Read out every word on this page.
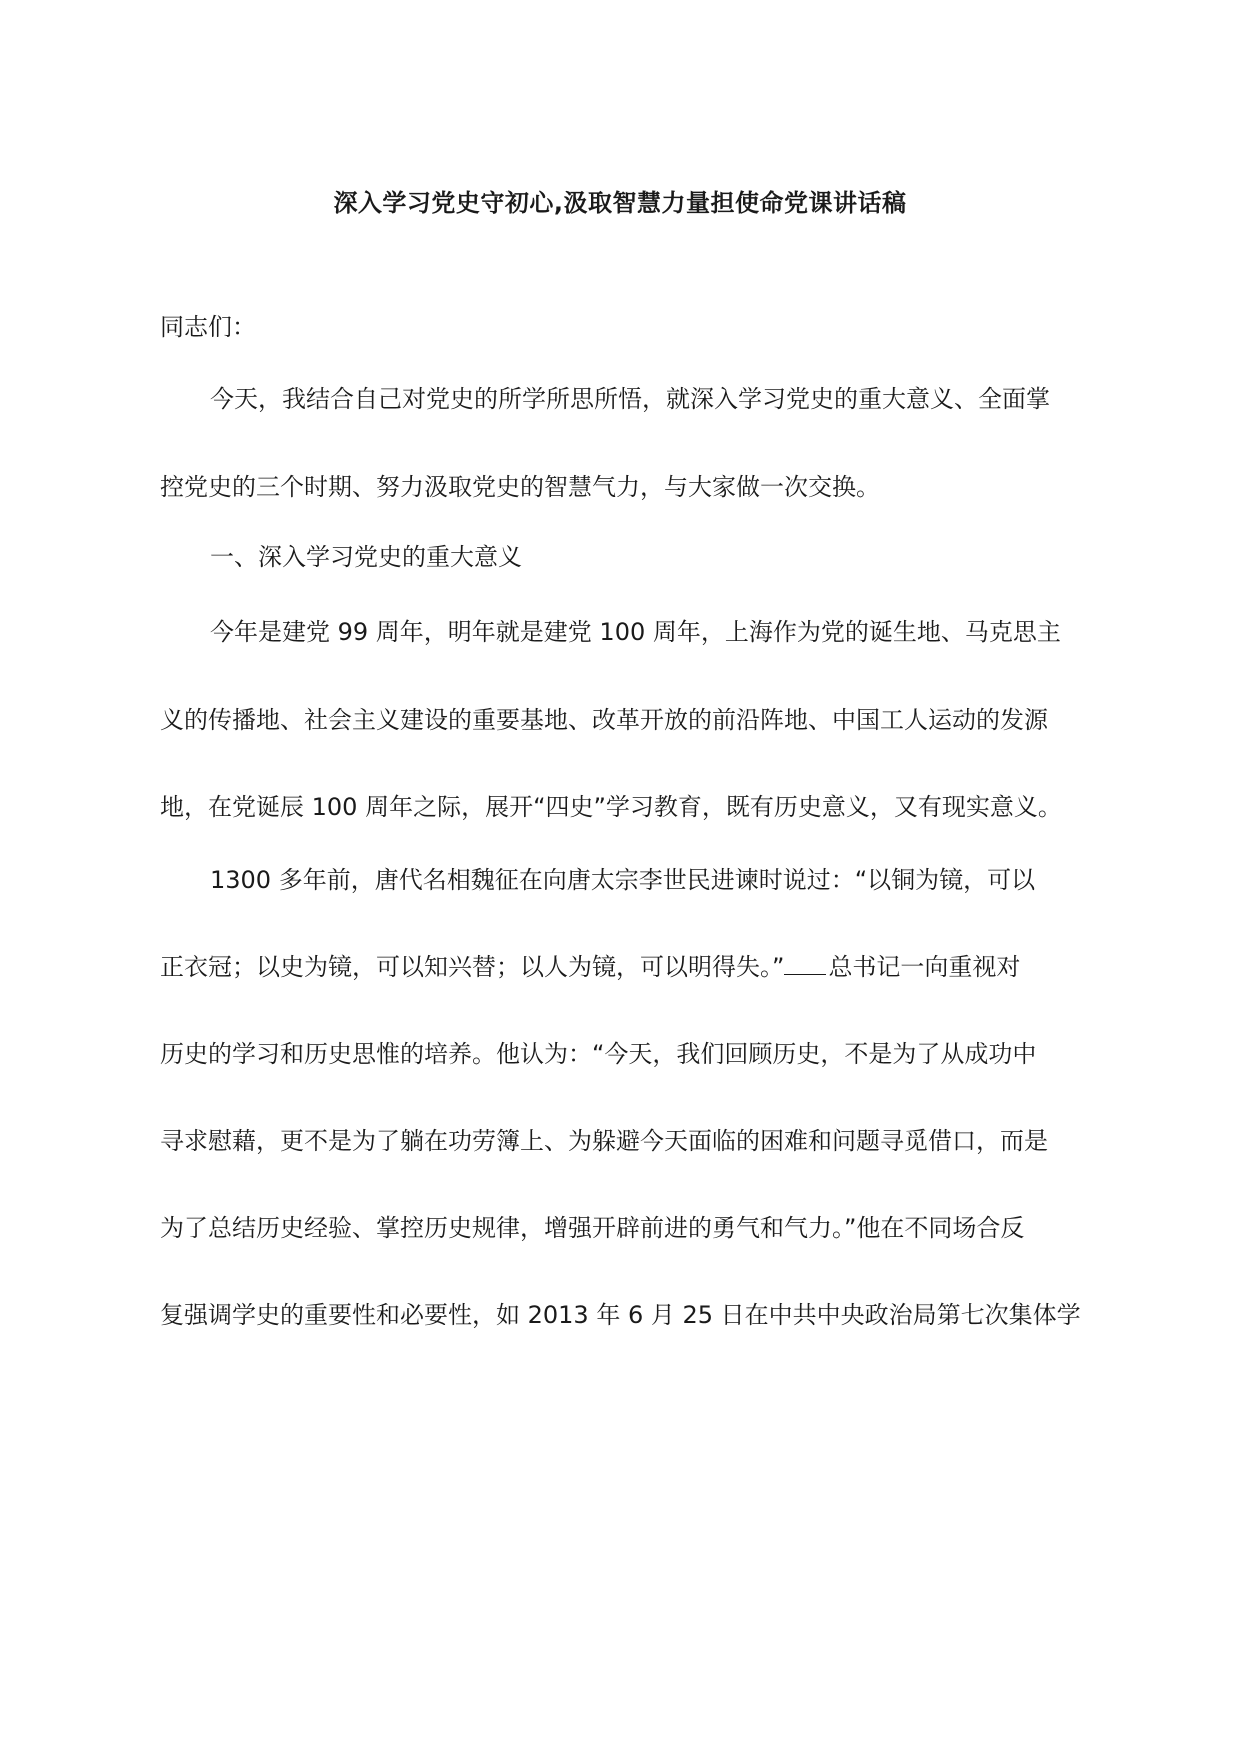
深入学习党史守初心,汲取智慧力量担使命党课讲话稿
同志们：
今天，我结合自己对党史的所学所思所悟，就深入学习党史的重大意义、全面掌
控党史的三个时期、努力汲取党史的智慧气力，与大家做一次交换。
一、深入学习党史的重大意义
今年是建党 99 周年，明年就是建党 100 周年，上海作为党的诞生地、马克思主
义的传播地、社会主义建设的重要基地、改革开放的前沿阵地、中国工人运动的发源
地，在党诞辰 100 周年之际，展开“四史”学习教育，既有历史意义，又有现实意义。
1300 多年前，唐代名相魏征在向唐太宗李世民进谏时说过：“以铜为镜，可以
正衣冠；以史为镜，可以知兴替；以人为镜，可以明得失。” 总书记一向重视对
历史的学习和历史思惟的培养。他认为：“今天，我们回顾历史，不是为了从成功中
寻求慰藉，更不是为了躺在功劳簿上、为躲避今天面临的困难和问题寻觅借口，而是
为了总结历史经验、掌控历史规律，增强开辟前进的勇气和气力。”他在不同场合反
复强调学史的重要性和必要性，如 2013 年 6 月 25 日在中共中央政治局第七次集体学
